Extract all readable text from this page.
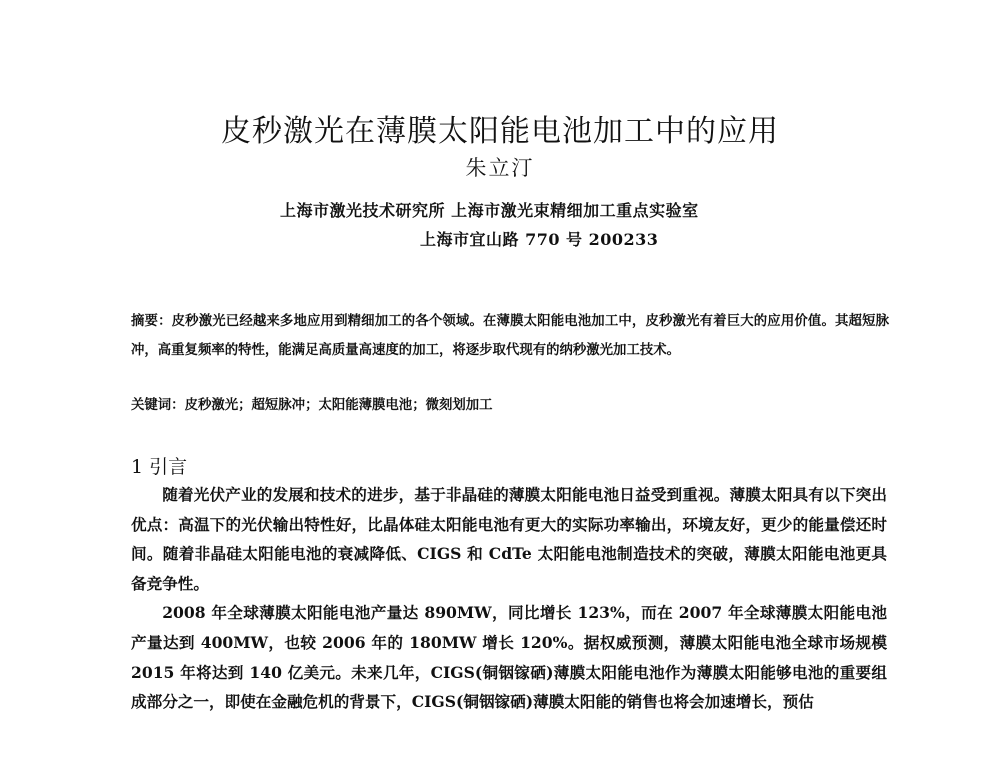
皮秒激光在薄膜太阳能电池加工中的应用
朱立汀
上海市激光技术研究所 上海市激光束精细加工重点实验室
上海市宜山路 770 号 200233
摘要：皮秒激光已经越来多地应用到精细加工的各个领域。在薄膜太阳能电池加工中，皮秒激光有着巨大的应用价值。其超短脉冲，高重复频率的特性，能满足高质量高速度的加工，将逐步取代现有的纳秒激光加工技术。
关键词：皮秒激光；超短脉冲；太阳能薄膜电池；微刻划加工
1 引言

随着光伏产业的发展和技术的进步，基于非晶硅的薄膜太阳能电池日益受到重视。薄膜太阳具有以下突出优点：高温下的光伏输出特性好，比晶体硅太阳能电池有更大的实际功率输出，环境友好，更少的能量偿还时间。随着非晶硅太阳能电池的衰减降低、CIGS 和 CdTe 太阳能电池制造技术的突破，薄膜太阳能电池更具备竞争性。

2008 年全球薄膜太阳能电池产量达 890MW，同比增长 123%，而在 2007 年全球薄膜太阳能电池产量达到 400MW，也较 2006 年的 180MW 增长 120%。据权威预测，薄膜太阳能电池全球市场规模 2015 年将达到 140 亿美元。未来几年，CIGS(铜铟镓硒)薄膜太阳能电池作为薄膜太阳能够电池的重要组成部分之一，即使在金融危机的背景下，CIGS(铜铟镓硒)薄膜太阳能的销售也将会加速增长，预估
